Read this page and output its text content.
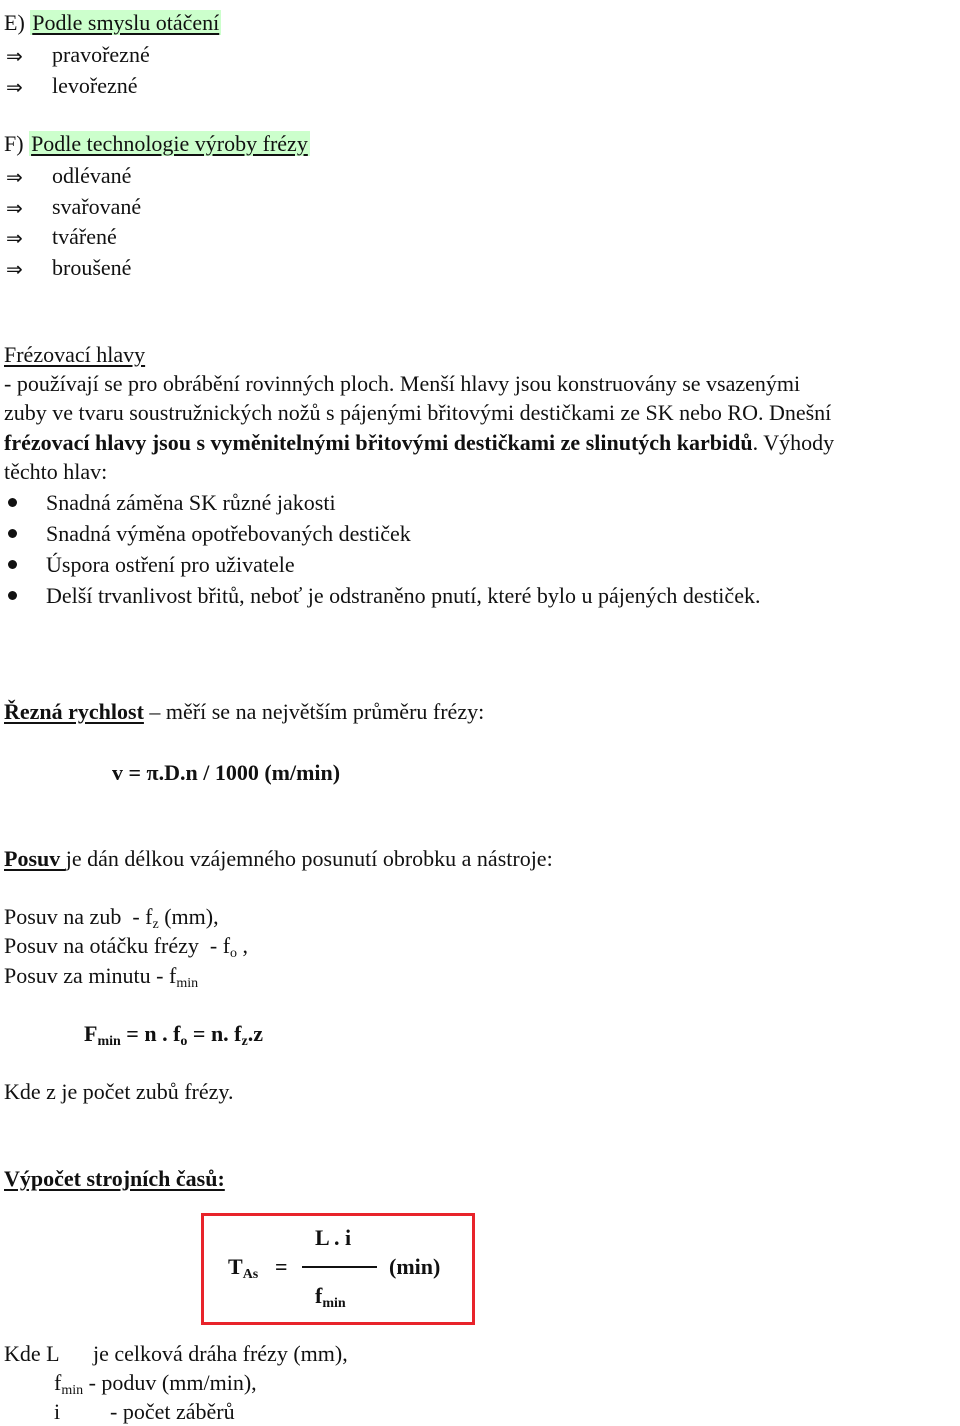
E) Podle smyslu otáčení
⇒ pravořezné
⇒ levořezné
F) Podle technologie výroby frézy
⇒ odlévané
⇒ svařované
⇒ tvářené
⇒ broušené
Frézovací hlavy
- používají se pro obrábění rovinných ploch. Menší hlavy jsou konstruovány se vsazenými
zuby ve tvaru soustružnických nožů s pájenými břitovými destičkami ze SK nebo RO. Dnešní
frézovací hlavy jsou s vyměnitelnými břitovými destičkami ze slinutých karbidů. Výhody
těchto hlav:
Snadná záměna SK různé jakosti
Snadná výměna opotřebovaných destiček
Úspora ostření pro uživatele
Delší trvanlivost břitů, neboť je odstraněno pnutí, které bylo u pájených destiček.
Řezná rychlost – měří se na největším průměru frézy:
v = π.D.n / 1000 (m/min)
Posuv je dán délkou vzájemného posunutí obrobku a nástroje:
Posuv na zub  - $f_z$ (mm),
Posuv na otáčku frézy  - $f_o$ ,
Posuv za minutu - $f_{min}$
$F_{min} = n$ . $f_o = n$. $f_z.z$
Kde z je počet zubů frézy.
Výpočet strojních časů:
L . i
$T_{As}$ =
$f_{min}$
(min)
Kde L je celková dráha frézy (mm),
$f_{min}$ - poduv (mm/min),
i - počet záběrů
